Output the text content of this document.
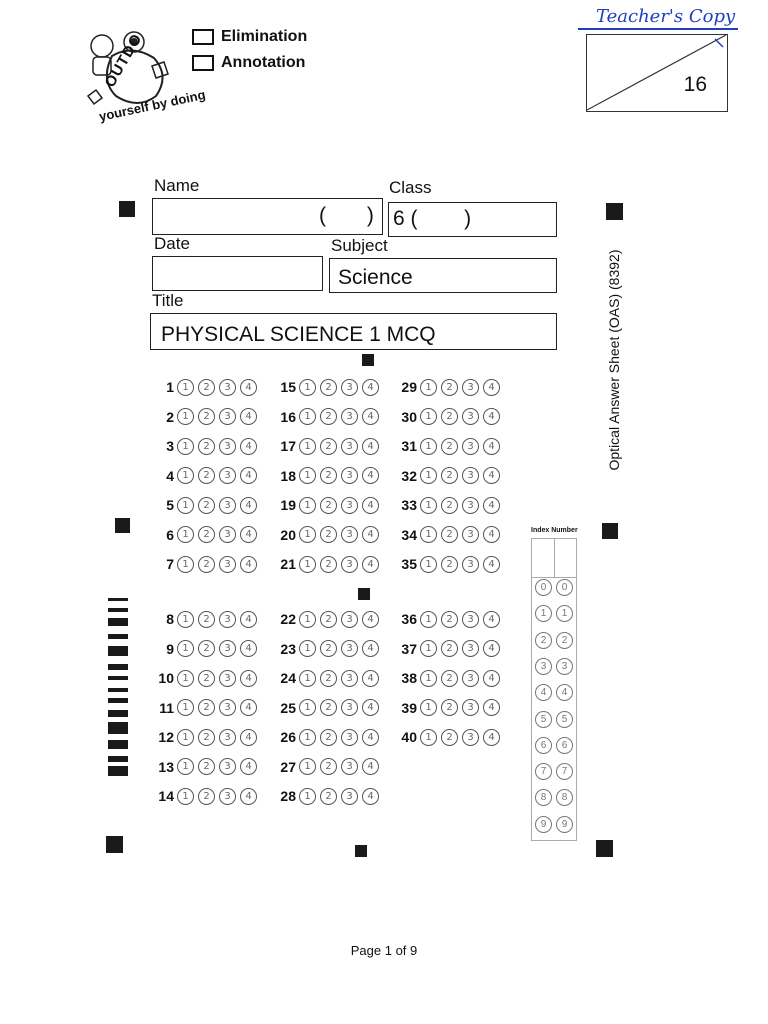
Elimination
Annotation
OUTDO
yourself by doing
Teacher's Copy
16
Name	Class
(       ) 6 (        )
Date	Subject
Science
Title
PHYSICAL SCIENCE 1 MCQ	Optical Answer Sheet (OAS) (8392)
1 1	2	3	4
2 1	2	3	4
3 1	2	3	4
4 1	2	3	4
5 1	2	3	4
6 1	2	3	4
7 1	2	3	4
8 1	2	3	4
9 1	2	3	4
10 1	2	3	4
11 1	2	3	4
12 1	2	3	4
13 1	2	3	4
14 1	2	3	4
15 1	2	3	4
16 1	2	3	4
17 1	2	3	4
18 1	2	3	4
19 1	2	3	4
20 1	2	3	4
21 1	2	3	4
22 1	2	3	4
23 1	2	3	4
24 1	2	3	4
25 1	2	3	4
26 1	2	3	4
27 1	2	3	4
28 1	2	3	4
29 1	2	3	4
30 1	2	3	4
31 1	2	3	4
32 1	2	3	4
33 1	2	3	4
34 1	2	3	4
35 1	2	3	4
36 1	2	3	4
37 1	2	3	4
38 1	2	3	4
39 1	2	3	4
40 1	2	3	4
Index Number
0	0
1	1
2	2
3	3
4	4
5	5
6	6
7	7
8	8
9	9
Page 1 of 9
